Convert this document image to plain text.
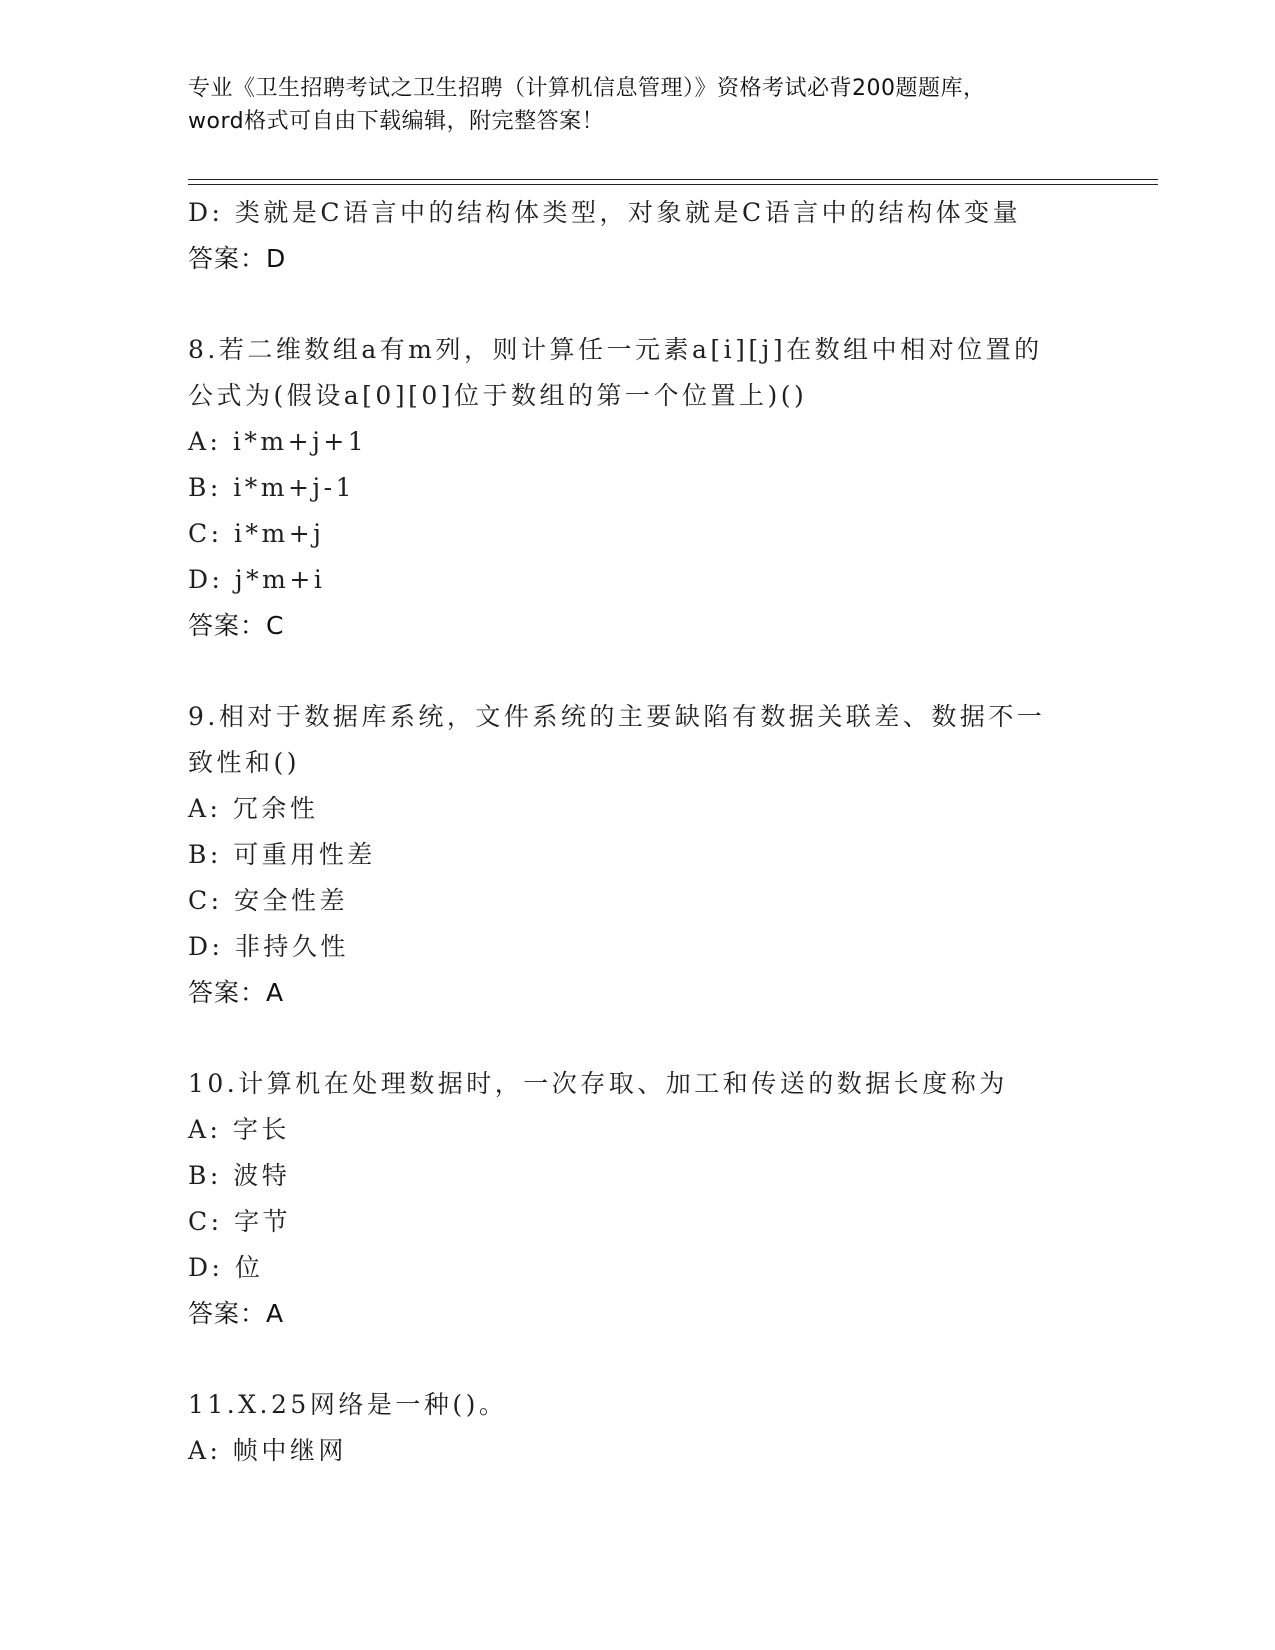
专业《卫生招聘考试之卫生招聘（计算机信息管理）》资格考试必背200题题库，
word格式可自由下载编辑，附完整答案！
D: 类就是C语言中的结构体类型，对象就是C语言中的结构体变量
答案：D
8.若二维数组a有m列，则计算任一元素a[i][j]在数组中相对位置的
公式为(假设a[0][0]位于数组的第一个位置上)()
A: i*m+j+1
B: i*m+j-1
C: i*m+j
D: j*m+i
答案：C
9.相对于数据库系统，文件系统的主要缺陷有数据关联差、数据不一
致性和()
A: 冗余性
B: 可重用性差
C: 安全性差
D: 非持久性
答案：A
10.计算机在处理数据时，一次存取、加工和传送的数据长度称为
A: 字长
B: 波特
C: 字节
D: 位
答案：A
11.X.25网络是一种()。
A: 帧中继网
